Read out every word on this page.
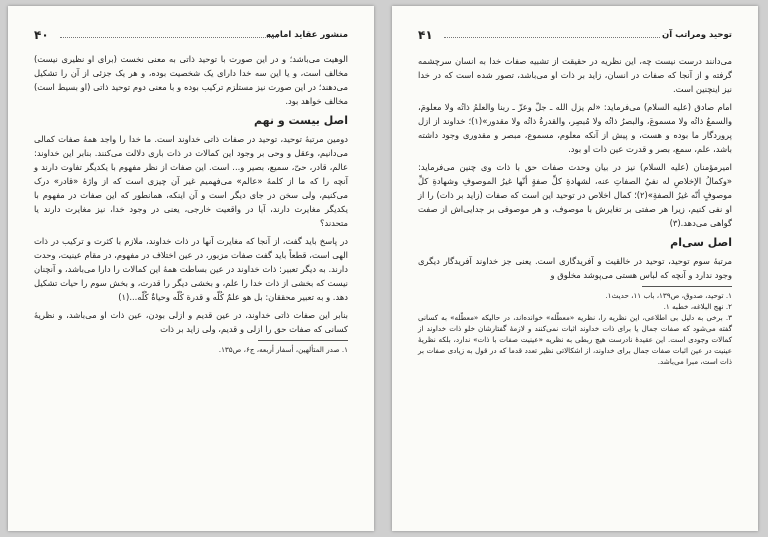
۴۰	منشور عقاید امامیه

الوهیت می‌باشد؛ و در این صورت با توحید ذاتی به معنی نخست (برای او نظیری نیست) مخالف است، و یا این سه خدا دارای یک شخصیت بوده، و هر یک جزئی از آن را تشکیل می‌دهند؛ در این صورت نیز مستلزم ترکیب بوده و با معنی دوم توحید ذاتی (او بسیط است) مخالف خواهد بود.

اصل بیست و نهم

دومین مرتبهٔ توحید، توحید در صفات ذاتی خداوند است. ما خدا را واجد همهٔ صفات کمالی می‌دانیم، وعقل و وحی بر وجود این کمالات در ذات باری دلالت می‌کنند. بنابر این خداوند: عالم، قادر، حیّ، سمیع، بصیر و... است. این صفات از نظر مفهوم با یکدیگر تفاوت دارند و آنچه را که ما از کلمهٔ «عالم» می‌فهمیم غیر آن چیزی است که از واژهٔ «قادر» درک می‌کنیم، ولی سخن در جای دیگر است و آن اینکه، همانطور که این صفات در مفهوم با یکدیگر مغایرت دارند، آیا در واقعیت خارجی، یعنی در وجود خدا، نیز مغایرت دارند یا متحدند؟

در پاسخ باید گفت، از آنجا که مغایرت آنها در ذات خداوند، ملازم با کثرت و ترکیب در ذات الهی است، قطعاً باید گفت صفات مزبور، در عین اختلاف در مفهوم، در مقام عینیت، وحدت دارند. به دیگر تعبیر: ذات خداوند در عین بساطت همهٔ این کمالات را دارا می‌باشد، و آنچنان نیست که بخشی از ذات خدا را علم، و بخشی دیگر را قدرت، و بخش سوم را حیات تشکیل دهد. و به تعبیر محققان: بل هو علمٌ کُلّه و قدرة کُلّه وحیاةٌ کُلّه...(۱)

بنابر این صفات ذاتی خداوند، در عین قدیم و ازلی بودن، عین ذات او می‌باشد، و نظریهٔ کسانی که صفات حق را ازلی و قدیم، ولی زاید بر ذات

۱. صدر المتألهین، أسفار أربعه، ج۶، ص۱۳۵.

۴۱	توحید ومراتب آن

می‌دانند درست نیست چه، این نظریه در حقیقت از تشبیه صفات خدا به انسان سرچشمه گرفته و از آنجا که صفات در انسان، زاید بر ذات او می‌باشد، تصور شده است که در خدا نیز اینچنین است.

امام صادق (علیه السلام) می‌فرماید: «لم یزل الله ـ جلّ وعزّ ـ ربنا والعلمُ ذاتُه ولا معلومَ، والسمعُ ذاتُه ولا مسموعَ، والبصرُ ذاتُه ولا مُبصِر، والقدرةُ ذاتُه ولا مقدور»(۱)؛ خداوند از ازل پروردگار ما بوده و هست، و پیش از آنکه معلوم، مسموع، مبصر و مقدوری وجود داشته باشد، علم، سمع، بصر و قدرت عین ذات او بود.

امیرمؤمنان (علیه السلام) نیز در بیان وحدت صفات حق با ذات وی چنین می‌فرماید: «وکمالُ الإخلاصِ له نفيُ الصفاتِ عنه، لشهادةِ كلِّ صفةٍ أنّها غيرُ الموصوفِ وشهادةِ كلِّ موصوفٍ أنّه غيرُ الصفةِ»(۲)؛ کمال اخلاص در توحید این است که صفات (زاید بر ذات) را از او نفی کنیم، زیرا هر صفتی بر تغایرش با موصوف، و هر موصوفی بر جدایی‌اش از صفت گواهی می‌دهد.(۳)

اصل سی‌ام

مرتبهٔ سوم توحید، توحید در خالقیت و آفریدگاری است. یعنی جز خداوند آفریدگار دیگری وجود ندارد و آنچه که لباس هستی می‌پوشد مخلوق و

۱. توحید، صدوق، ص۱۳۹، باب ۱۱، حدیث۱.

۲. نهج البلاغه، خطبه ۱.

۳. برخی به دلیل بی اطلاعی، این نظریه را، نظریه «معطّله» خوانده‌اند، در حالیکه «معطّله» به کسانی گفته می‌شود که صفات جمال یا برای ذات خداوند اثبات نمی‌کنند و لازمهٔ گفتارشان خلو ذات خداوند از کمالات وجودی است. این عقیدهٔ نادرست هیچ ربطی به نظریه «عینیت صفات با ذات» ندارد، بلکه نظریهٔ عینیت در عین اثبات صفات جمال برای خداوند، از اشکالاتی نظیر تعدد قدما که در قول به زیادی صفات بر ذات است، مبرا می‌باشد.
